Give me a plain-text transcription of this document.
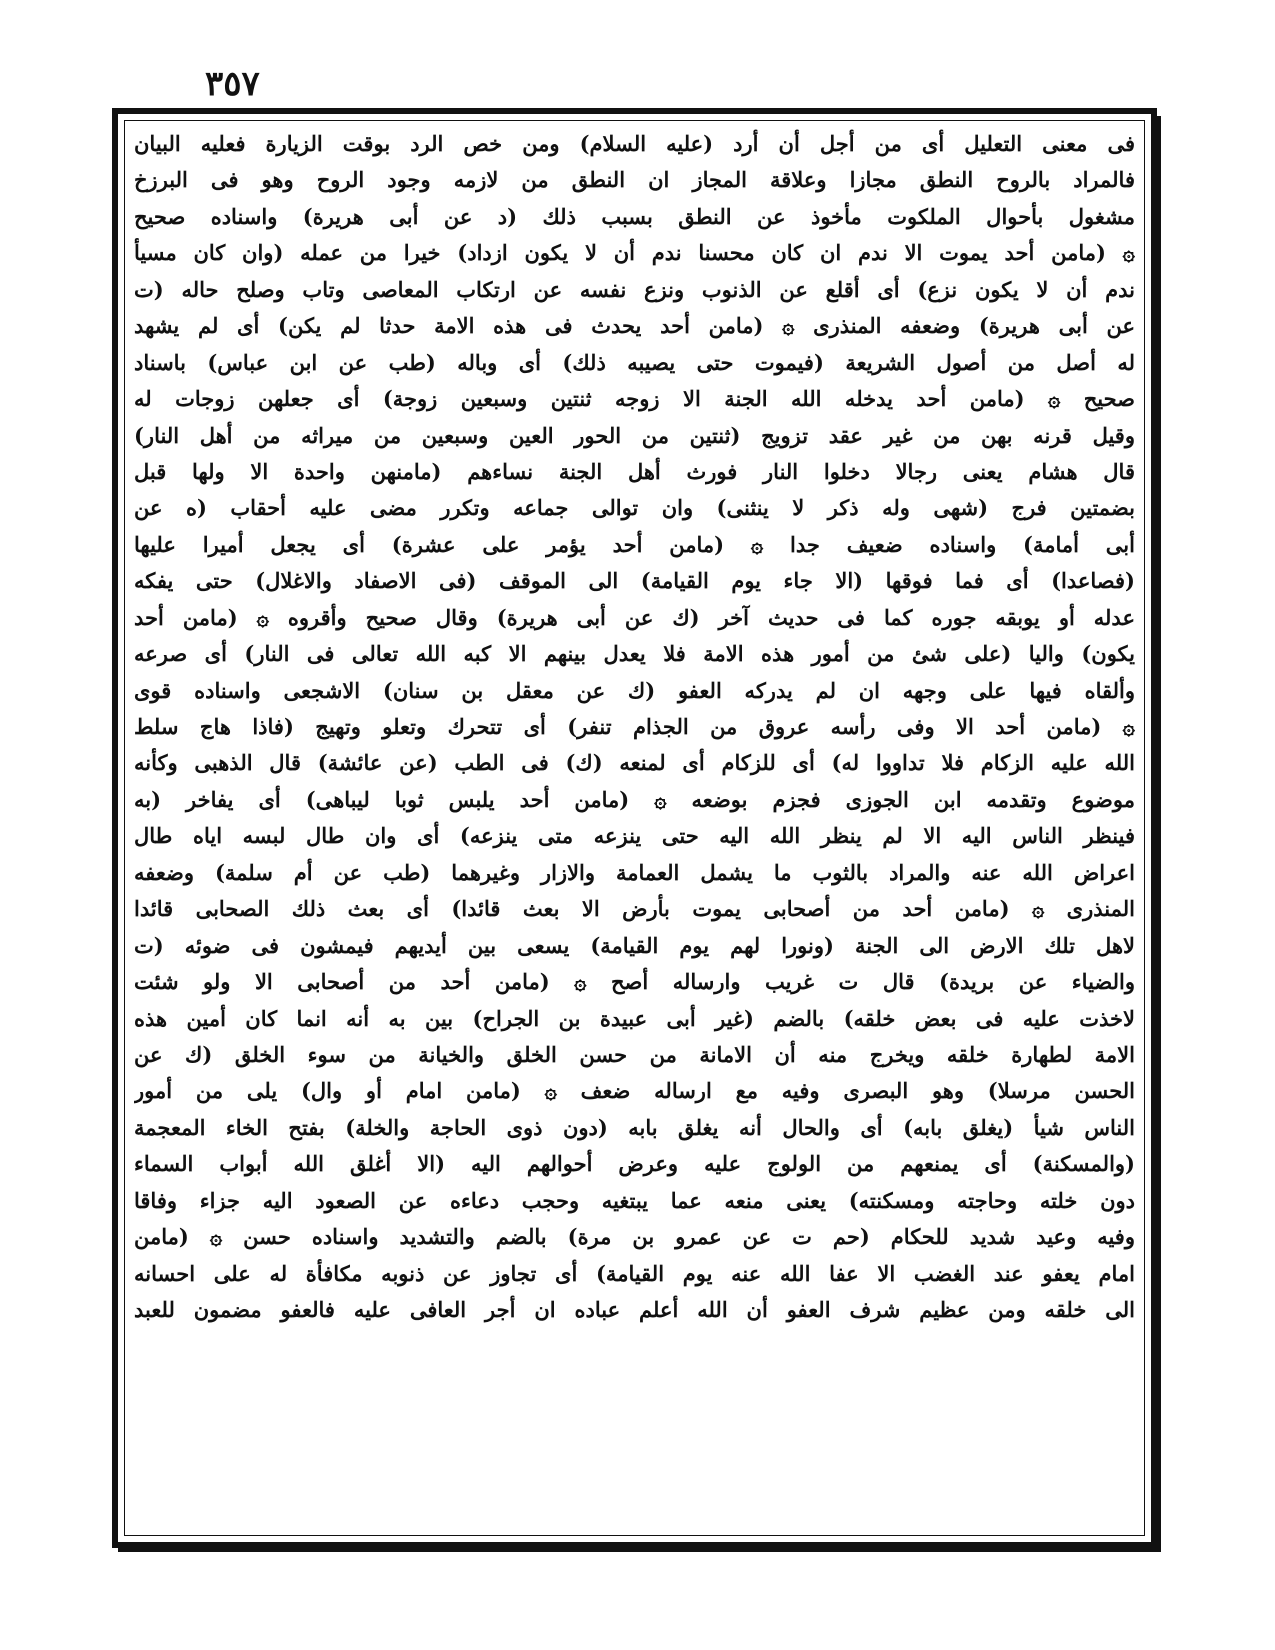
٣٥٧
فى معنى التعليل أى من أجل أن أرد (عليه السلام) ومن خص الرد بوقت الزيارة فعليه البيان
فالمراد بالروح النطق مجازا وعلاقة المجاز ان النطق من لازمه وجود الروح وهو فى البرزخ
مشغول بأحوال الملكوت مأخوذ عن النطق بسبب ذلك (د عن أبى هريرة) واسناده صحيح
۞ (مامن أحد يموت الا ندم ان كان محسنا ندم أن لا يكون ازداد) خيرا من عمله (وان كان مسيأ
ندم أن لا يكون نزع) أى أقلع عن الذنوب ونزع نفسه عن ارتكاب المعاصى وتاب وصلح حاله (ت
عن أبى هريرة) وضعفه المنذرى ۞ (مامن أحد يحدث فى هذه الامة حدثا لم يكن) أى لم يشهد
له أصل من أصول الشريعة (فيموت حتى يصيبه ذلك) أى وباله (طب عن ابن عباس) باسناد
صحيح ۞ (مامن أحد يدخله الله الجنة الا زوجه ثنتين وسبعين زوجة) أى جعلهن زوجات له
وقيل قرنه بهن من غير عقد تزويج (ثنتين من الحور العين وسبعين من ميراثه من أهل النار)
قال هشام يعنى رجالا دخلوا النار فورث أهل الجنة نساءهم (مامنهن واحدة الا ولها قبل
بضمتين فرج (شهى وله ذكر لا ينثنى) وان توالى جماعه وتكرر مضى عليه أحقاب (ه عن
أبى أمامة) واسناده ضعيف جدا ۞ (مامن أحد يؤمر على عشرة) أى يجعل أميرا عليها
(فصاعدا) أى فما فوقها (الا جاء يوم القيامة) الى الموقف (فى الاصفاد والاغلال) حتى يفكه
عدله أو يوبقه جوره كما فى حديث آخر (ك عن أبى هريرة) وقال صحيح وأقروه ۞ (مامن أحد
يكون) واليا (على شئ من أمور هذه الامة فلا يعدل بينهم الا كبه الله تعالى فى النار) أى صرعه
وألقاه فيها على وجهه ان لم يدركه العفو (ك عن معقل بن سنان) الاشجعى واسناده قوى
۞ (مامن أحد الا وفى رأسه عروق من الجذام تنفر) أى تتحرك وتعلو وتهيج (فاذا هاج سلط
الله عليه الزكام فلا تداووا له) أى للزكام أى لمنعه (ك) فى الطب (عن عائشة) قال الذهبى وكأنه
موضوع وتقدمه ابن الجوزى فجزم بوضعه ۞ (مامن أحد يلبس ثوبا ليباهى) أى يفاخر (به
فينظر الناس اليه الا لم ينظر الله اليه حتى ينزعه متى ينزعه) أى وان طال لبسه اياه طال
اعراض الله عنه والمراد بالثوب ما يشمل العمامة والازار وغيرهما (طب عن أم سلمة) وضعفه
المنذرى ۞ (مامن أحد من أصحابى يموت بأرض الا بعث قائدا) أى بعث ذلك الصحابى قائدا
لاهل تلك الارض الى الجنة (ونورا لهم يوم القيامة) يسعى بين أيديهم فيمشون فى ضوئه (ت
والضياء عن بريدة) قال ت غريب وارساله أصح ۞ (مامن أحد من أصحابى الا ولو شئت
لاخذت عليه فى بعض خلقه) بالضم (غير أبى عبيدة بن الجراح) بين به أنه انما كان أمين هذه
الامة لطهارة خلقه ويخرج منه أن الامانة من حسن الخلق والخيانة من سوء الخلق (ك عن
الحسن مرسلا) وهو البصرى وفيه مع ارساله ضعف ۞ (مامن امام أو وال) يلى من أمور
الناس شيأ (يغلق بابه) أى والحال أنه يغلق بابه (دون ذوى الحاجة والخلة) بفتح الخاء المعجمة
(والمسكنة) أى يمنعهم من الولوج عليه وعرض أحوالهم اليه (الا أغلق الله أبواب السماء
دون خلته وحاجته ومسكنته) يعنى منعه عما يبتغيه وحجب دعاءه عن الصعود اليه جزاء وفاقا
وفيه وعيد شديد للحكام (حم ت عن عمرو بن مرة) بالضم والتشديد واسناده حسن ۞ (مامن
امام يعفو عند الغضب الا عفا الله عنه يوم القيامة) أى تجاوز عن ذنوبه مكافأة له على احسانه
الى خلقه ومن عظيم شرف العفو أن الله أعلم عباده ان أجر العافى عليه فالعفو مضمون للعبد
